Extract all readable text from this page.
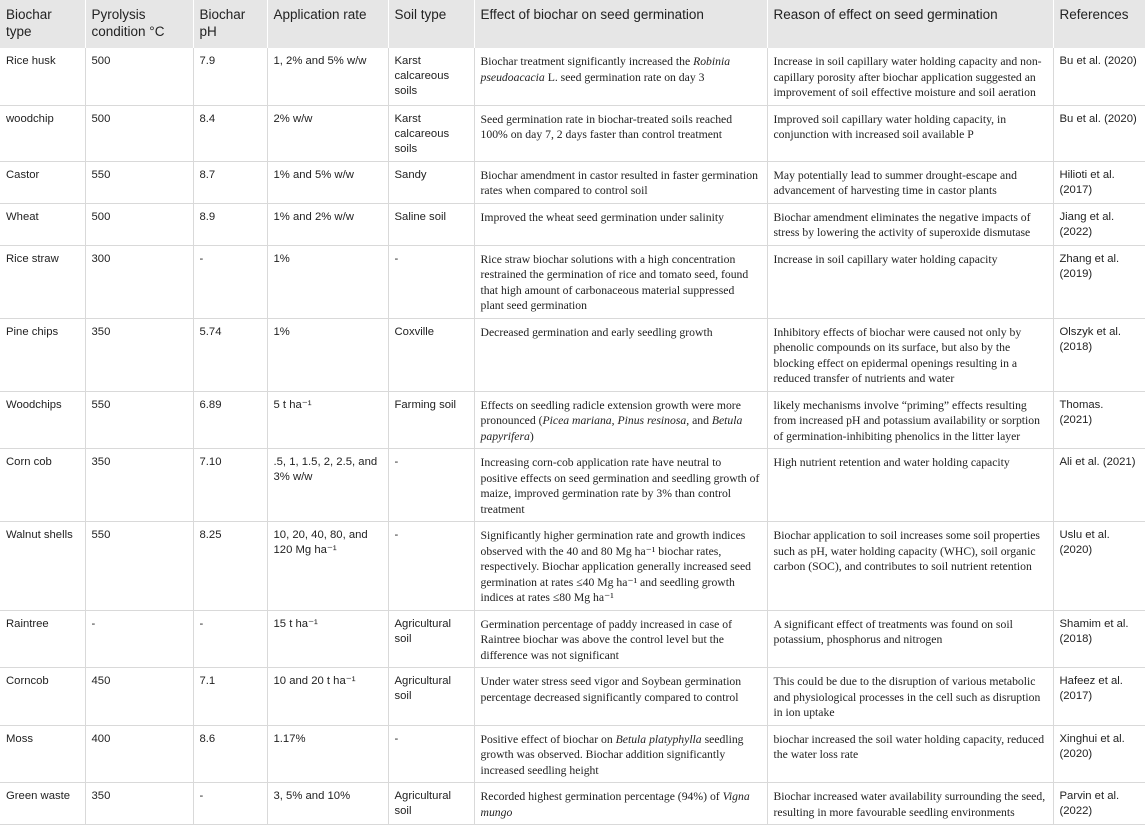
Biochar type	Pyrolysis condition °C	Biochar pH	Application rate	Soil type	Effect of biochar on seed germination	Reason of effect on seed germination	References
Rice husk	500	7.9	1, 2% and 5% w/w	Karst calcareous soils	Biochar treatment significantly increased the Robinia pseudoacacia L. seed germination rate on day 3	Increase in soil capillary water holding capacity and non-capillary porosity after biochar application suggested an improvement of soil effective moisture and soil aeration	Bu et al. (2020)
woodchip	500	8.4	2% w/w	Karst calcareous soils	Seed germination rate in biochar-treated soils reached 100% on day 7, 2 days faster than control treatment	Improved soil capillary water holding capacity, in conjunction with increased soil available P	Bu et al. (2020)
Castor	550	8.7	1% and 5% w/w	Sandy	Biochar amendment in castor resulted in faster germination rates when compared to control soil	May potentially lead to summer drought-escape and advancement of harvesting time in castor plants	Hilioti et al. (2017)
Wheat	500	8.9	1% and 2% w/w	Saline soil	Improved the wheat seed germination under salinity	Biochar amendment eliminates the negative impacts of stress by lowering the activity of superoxide dismutase	Jiang et al. (2022)
Rice straw	300	-	1%	-	Rice straw biochar solutions with a high concentration restrained the germination of rice and tomato seed, found that high amount of carbonaceous material suppressed plant seed germination	Increase in soil capillary water holding capacity	Zhang et al. (2019)
Pine chips	350	5.74	1%	Coxville	Decreased germination and early seedling growth	Inhibitory effects of biochar were caused not only by phenolic compounds on its surface, but also by the blocking effect on epidermal openings resulting in a reduced transfer of nutrients and water	Olszyk et al. (2018)
Woodchips	550	6.89	5 t ha⁻¹	Farming soil	Effects on seedling radicle extension growth were more pronounced (Picea mariana, Pinus resinosa, and Betula papyrifera)	likely mechanisms involve “priming” effects resulting from increased pH and potassium availability or sorption of germination-inhibiting phenolics in the litter layer	Thomas. (2021)
Corn cob	350	7.10	.5, 1, 1.5, 2, 2.5, and 3% w/w	-	Increasing corn-cob application rate have neutral to positive effects on seed germination and seedling growth of maize, improved germination rate by 3% than control treatment	High nutrient retention and water holding capacity	Ali et al. (2021)
Walnut shells	550	8.25	10, 20, 40, 80, and 120 Mg ha⁻¹	-	Significantly higher germination rate and growth indices observed with the 40 and 80 Mg ha⁻¹ biochar rates, respectively. Biochar application generally increased seed germination at rates ≤40 Mg ha⁻¹ and seedling growth indices at rates ≤80 Mg ha⁻¹	Biochar application to soil increases some soil properties such as pH, water holding capacity (WHC), soil organic carbon (SOC), and contributes to soil nutrient retention	Uslu et al. (2020)
Raintree	-	-	15 t ha⁻¹	Agricultural soil	Germination percentage of paddy increased in case of Raintree biochar was above the control level but the difference was not significant	A significant effect of treatments was found on soil potassium, phosphorus and nitrogen	Shamim et al. (2018)
Corncob	450	7.1	10 and 20 t ha⁻¹	Agricultural soil	Under water stress seed vigor and Soybean germination percentage decreased significantly compared to control	This could be due to the disruption of various metabolic and physiological processes in the cell such as disruption in ion uptake	Hafeez et al. (2017)
Moss	400	8.6	1.17%	-	Positive effect of biochar on Betula platyphylla seedling growth was observed. Biochar addition significantly increased seedling height	biochar increased the soil water holding capacity, reduced the water loss rate	Xinghui et al. (2020)
Green waste	350	-	3, 5% and 10%	Agricultural soil	Recorded highest germination percentage (94%) of Vigna mungo	Biochar increased water availability surrounding the seed, resulting in more favourable seedling environments	Parvin et al. (2022)
